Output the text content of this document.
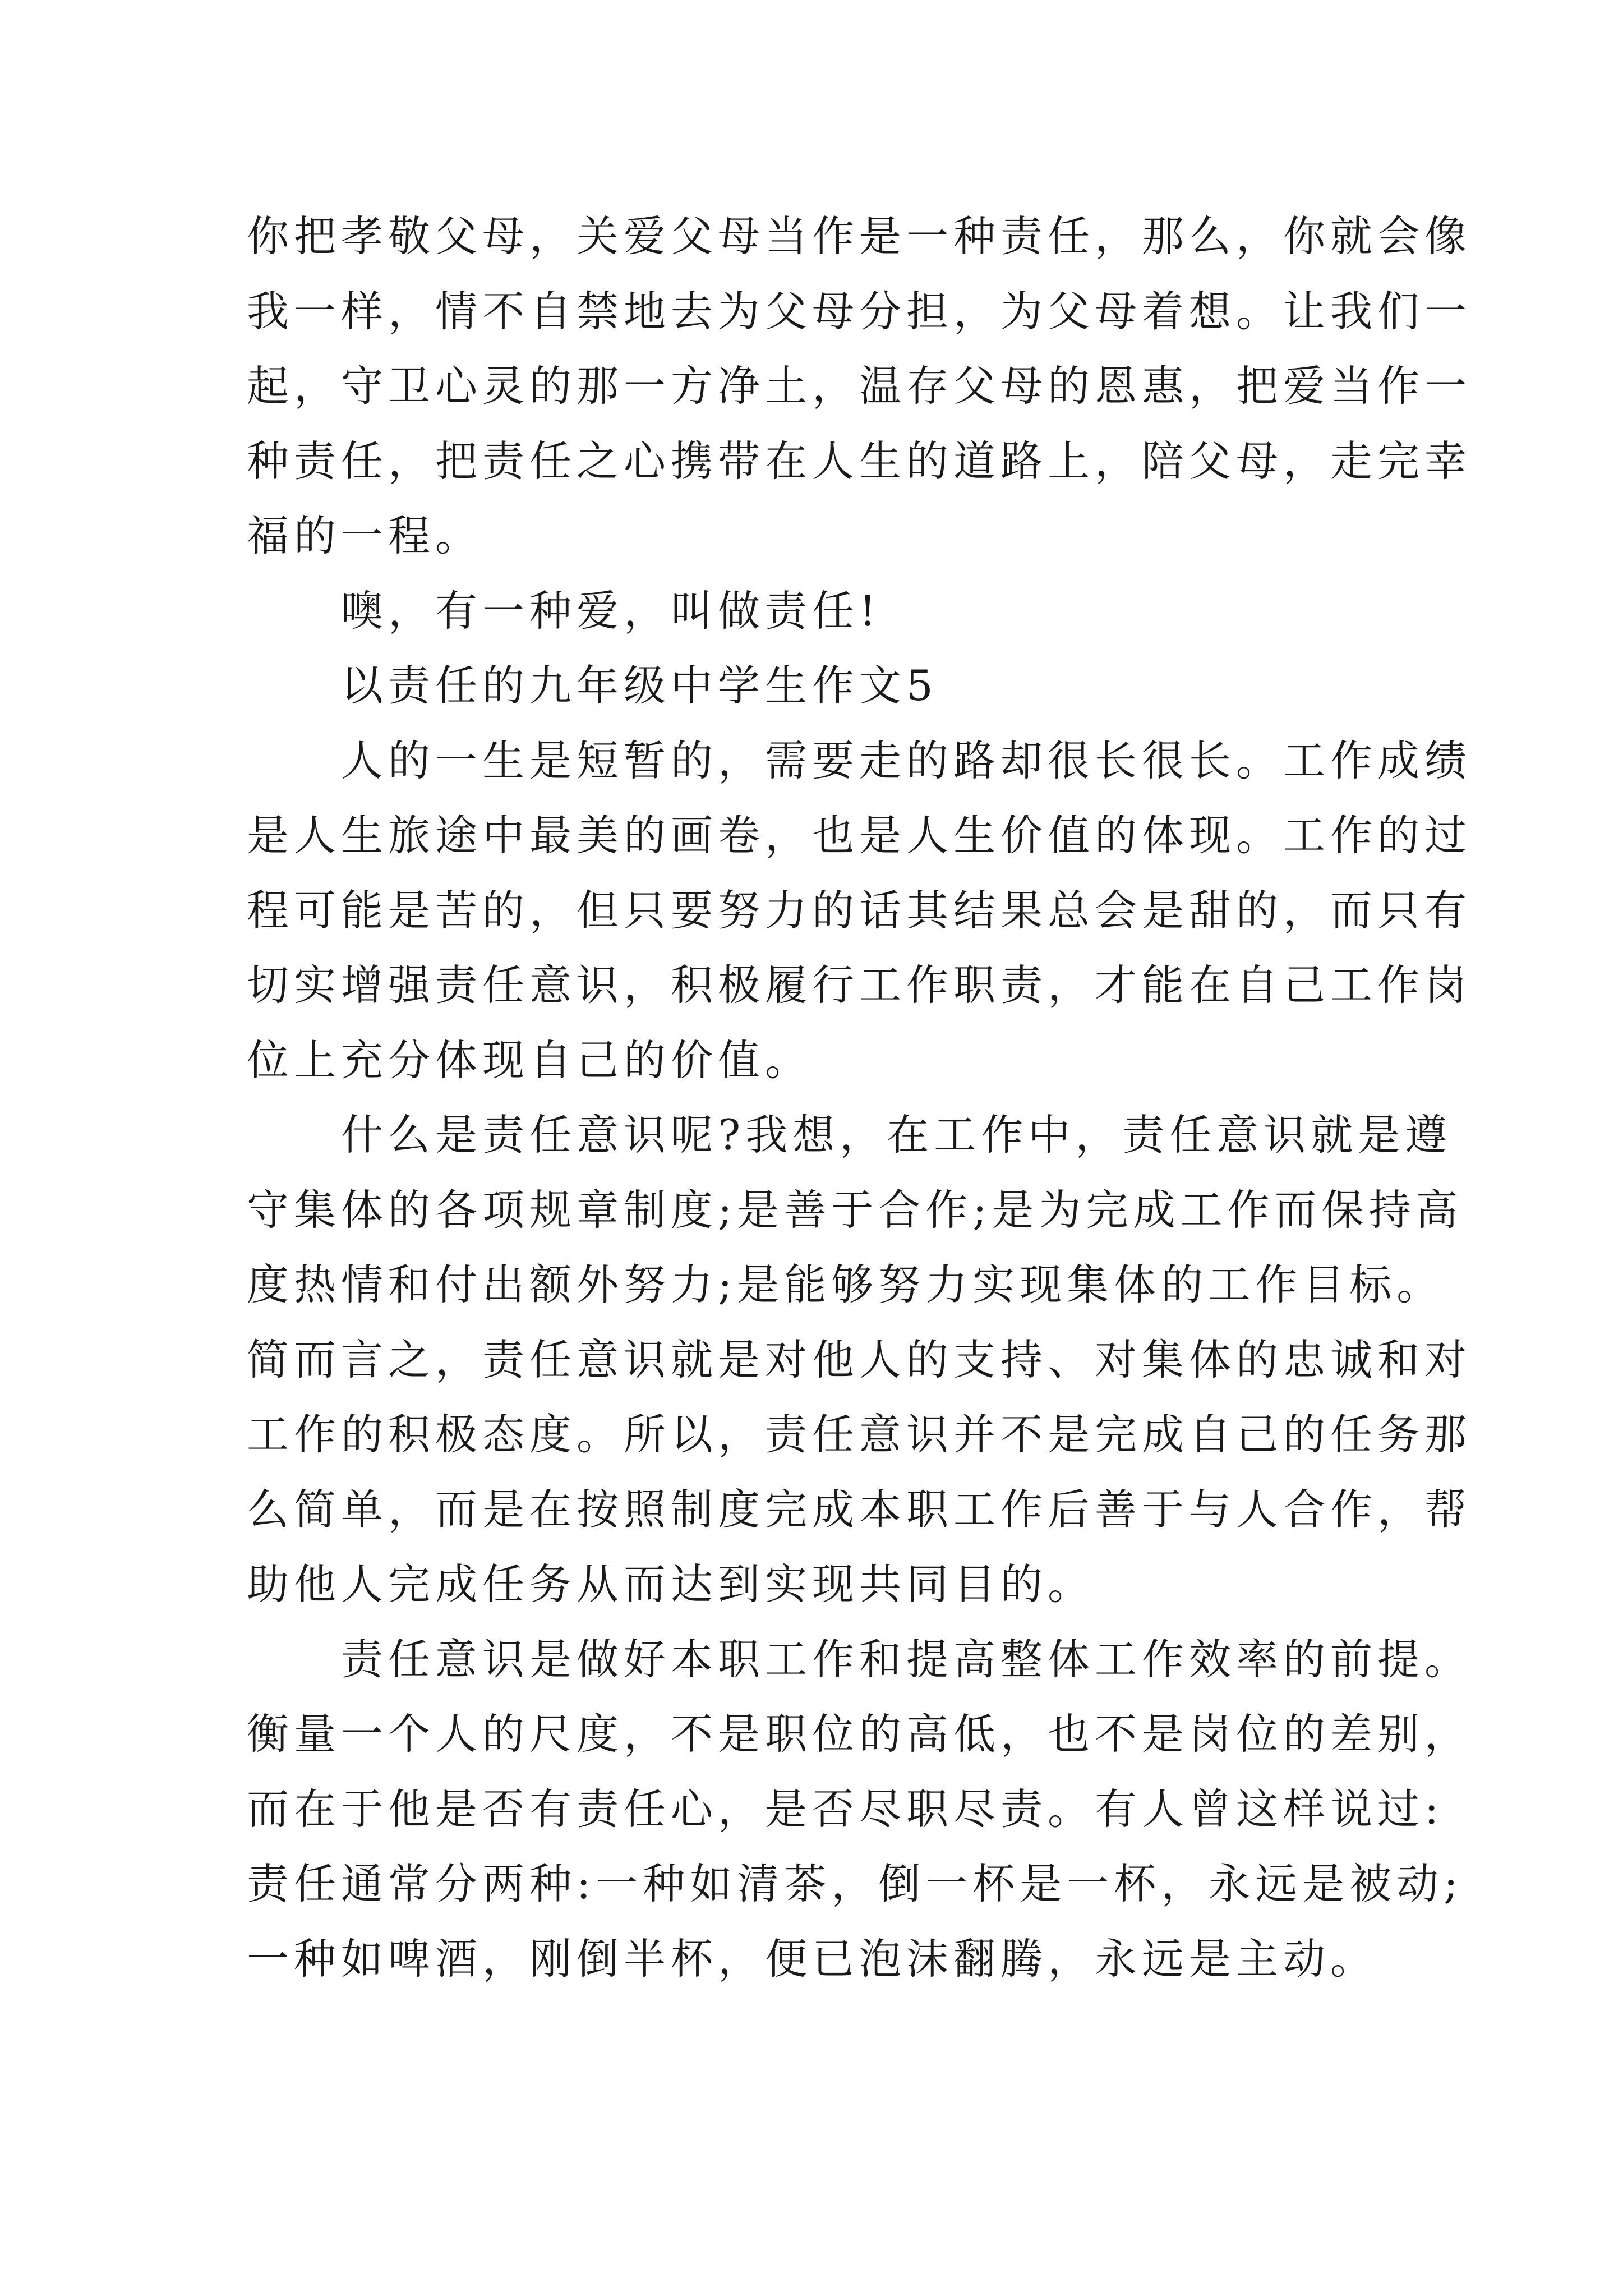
你把孝敬父母，关爱父母当作是一种责任，那么，你就会像
我一样，情不自禁地去为父母分担，为父母着想。让我们一
起，守卫心灵的那一方净土，温存父母的恩惠，把爱当作一
种责任，把责任之心携带在人生的道路上，陪父母，走完幸
福的一程。
噢，有一种爱，叫做责任!
以责任的九年级中学生作文5
人的一生是短暂的，需要走的路却很长很长。工作成绩
是人生旅途中最美的画卷，也是人生价值的体现。工作的过
程可能是苦的，但只要努力的话其结果总会是甜的，而只有
切实增强责任意识，积极履行工作职责，才能在自己工作岗
位上充分体现自己的价值。
什么是责任意识呢?我想，在工作中，责任意识就是遵
守集体的各项规章制度;是善于合作;是为完成工作而保持高
度热情和付出额外努力;是能够努力实现集体的工作目标。
简而言之，责任意识就是对他人的支持、对集体的忠诚和对
工作的积极态度。所以，责任意识并不是完成自己的任务那
么简单，而是在按照制度完成本职工作后善于与人合作，帮
助他人完成任务从而达到实现共同目的。
责任意识是做好本职工作和提高整体工作效率的前提。
衡量一个人的尺度，不是职位的高低，也不是岗位的差别，
而在于他是否有责任心，是否尽职尽责。有人曾这样说过:
责任通常分两种:一种如清茶，倒一杯是一杯，永远是被动;
一种如啤酒，刚倒半杯，便已泡沫翻腾，永远是主动。
